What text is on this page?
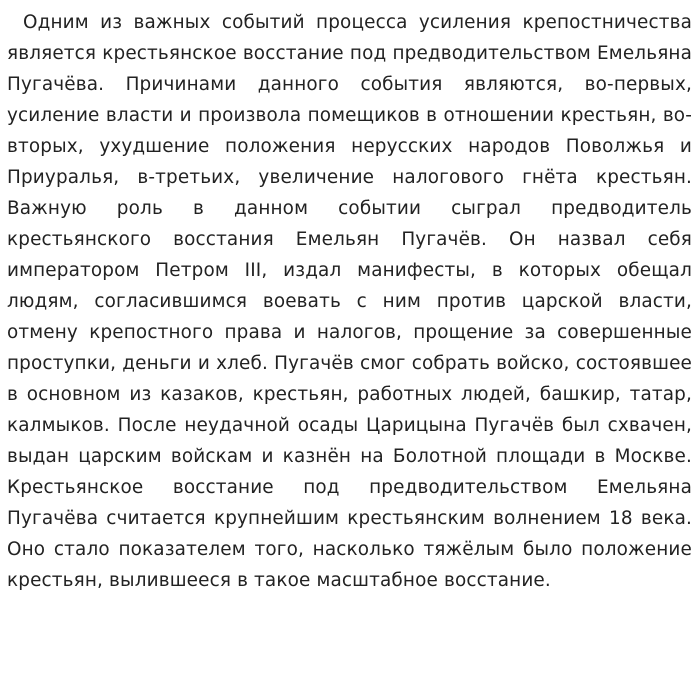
Одним из важных событий процесса усиления крепостничества является крестьянское восстание под предводительством Емельяна Пугачёва. Причинами данного события являются, во-первых, усиление власти и произвола помещиков в отношении крестьян, во-вторых, ухудшение положения нерусских народов Поволжья и Приуралья, в-третьих, увеличение налогового гнёта крестьян. Важную роль в данном событии сыграл предводитель крестьянского восстания Емельян Пугачёв. Он назвал себя императором Петром III, издал манифесты, в которых обещал людям, согласившимся воевать с ним против царской власти, отмену крепостного права и налогов, прощение за совершенные проступки, деньги и хлеб. Пугачёв смог собрать войско, состоявшее в основном из казаков, крестьян, работных людей, башкир, татар, калмыков. После неудачной осады Царицына Пугачёв был схвачен, выдан царским войскам и казнён на Болотной площади в Москве. Крестьянское восстание под предводительством Емельяна Пугачёва считается крупнейшим крестьянским волнением 18 века. Оно стало показателем того, насколько тяжёлым было положение крестьян, вылившееся в такое масштабное восстание.
